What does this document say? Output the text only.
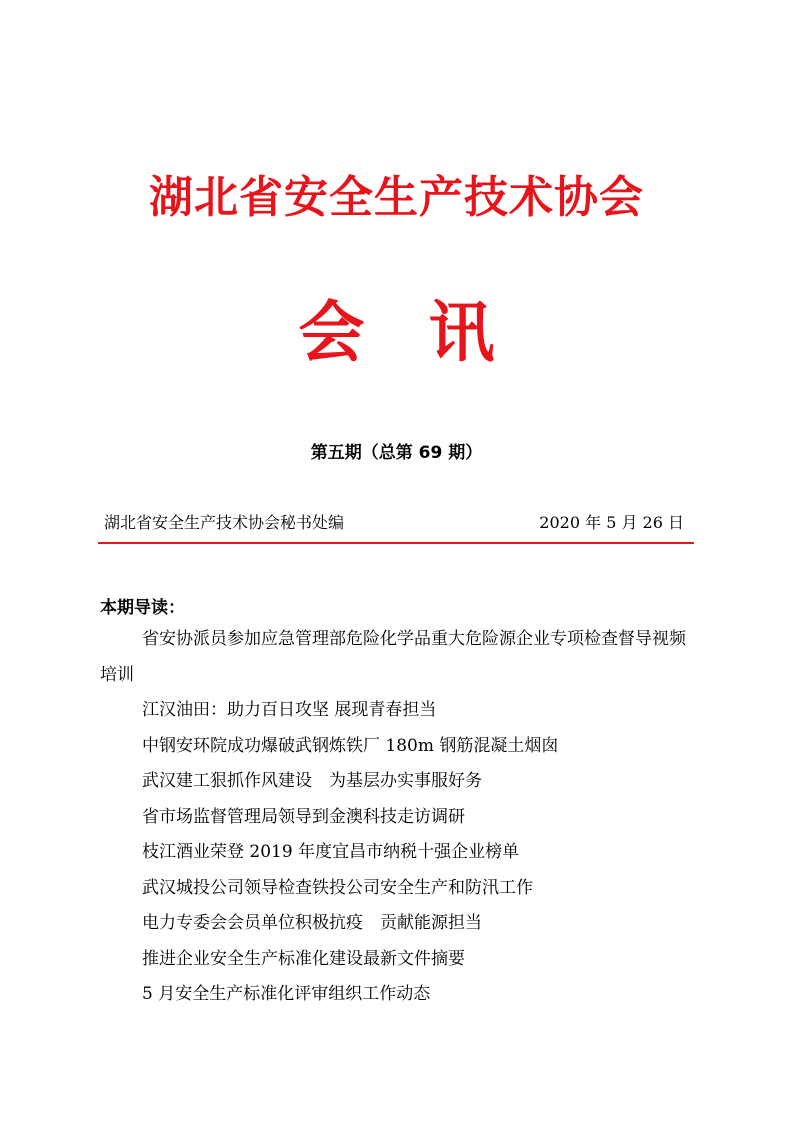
湖北省安全生产技术协会
会 讯
第五期（总第 69 期）
湖北省安全生产技术协会秘书处编	2020 年 5 月 26 日
本期导读：
省安协派员参加应急管理部危险化学品重大危险源企业专项检查督导视频培训
江汉油田：助力百日攻坚 展现青春担当
中钢安环院成功爆破武钢炼铁厂 180m 钢筋混凝土烟囱
武汉建工狠抓作风建设　为基层办实事服好务
省市场监督管理局领导到金澳科技走访调研
枝江酒业荣登 2019 年度宜昌市纳税十强企业榜单
武汉城投公司领导检查铁投公司安全生产和防汛工作
电力专委会会员单位积极抗疫　贡献能源担当
推进企业安全生产标准化建设最新文件摘要
5 月安全生产标准化评审组织工作动态
